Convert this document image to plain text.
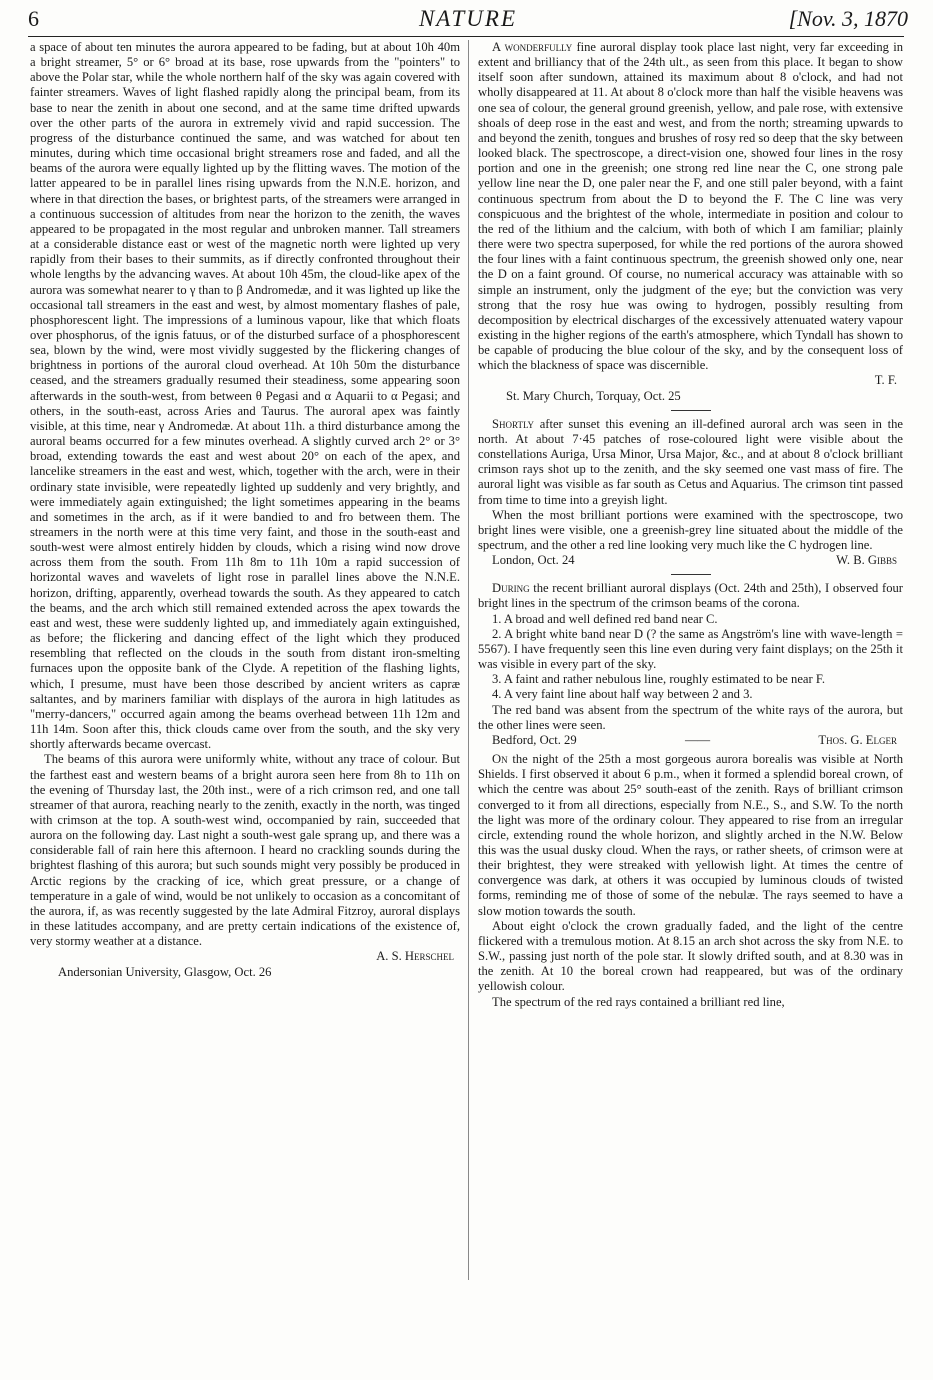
6	NATURE	[Nov. 3, 1870

a space of about ten minutes the aurora appeared to be fading, but at about 10h 40m a bright streamer, 5° or 6° broad at its base, rose upwards from the "pointers" to above the Polar star, while the whole northern half of the sky was again covered with fainter streamers. Waves of light flashed rapidly along the principal beam, from its base to near the zenith in about one second, and at the same time drifted upwards over the other parts of the aurora in extremely vivid and rapid succession. The progress of the disturbance continued the same, and was watched for about ten minutes, during which time occasional bright streamers rose and faded, and all the beams of the aurora were equally lighted up by the flitting waves. The motion of the latter appeared to be in parallel lines rising upwards from the N.N.E. horizon, and where in that direction the bases, or brightest parts, of the streamers were arranged in a continuous succession of altitudes from near the horizon to the zenith, the waves appeared to be propagated in the most regular and unbroken manner. Tall streamers at a considerable distance east or west of the magnetic north were lighted up very rapidly from their bases to their summits, as if directly confronted throughout their whole lengths by the advancing waves. At about 10h 45m, the cloud-like apex of the aurora was somewhat nearer to γ than to β Andromedæ, and it was lighted up like the occasional tall streamers in the east and west, by almost momentary flashes of pale, phosphorescent light. The impressions of a luminous vapour, like that which floats over phosphorus, of the ignis fatuus, or of the disturbed surface of a phosphorescent sea, blown by the wind, were most vividly suggested by the flickering changes of brightness in portions of the auroral cloud overhead. At 10h 50m the disturbance ceased, and the streamers gradually resumed their steadiness, some appearing soon afterwards in the south-west, from between θ Pegasi and α Aquarii to α Pegasi; and others, in the south-east, across Aries and Taurus. The auroral apex was faintly visible, at this time, near γ Andromedæ. At about 11h. a third disturbance among the auroral beams occurred for a few minutes overhead. A slightly curved arch 2° or 3° broad, extending towards the east and west about 20° on each of the apex, and lancelike streamers in the east and west, which, together with the arch, were in their ordinary state invisible, were repeatedly lighted up suddenly and very brightly, and were immediately again extinguished; the light sometimes appearing in the beams and sometimes in the arch, as if it were bandied to and fro between them. The streamers in the north were at this time very faint, and those in the south-east and south-west were almost entirely hidden by clouds, which a rising wind now drove across them from the south. From 11h 8m to 11h 10m a rapid succession of horizontal waves and wavelets of light rose in parallel lines above the N.N.E. horizon, drifting, apparently, overhead towards the south. As they appeared to catch the beams, and the arch which still remained extended across the apex towards the east and west, these were suddenly lighted up, and immediately again extinguished, as before; the flickering and dancing effect of the light which they produced resembling that reflected on the clouds in the south from distant iron-smelting furnaces upon the opposite bank of the Clyde. A repetition of the flashing lights, which, I presume, must have been those described by ancient writers as capræ saltantes, and by mariners familiar with displays of the aurora in high latitudes as "merry-dancers," occurred again among the beams overhead between 11h 12m and 11h 14m. Soon after this, thick clouds came over from the south, and the sky very shortly afterwards became overcast.

The beams of this aurora were uniformly white, without any trace of colour. But the farthest east and western beams of a bright aurora seen here from 8h to 11h on the evening of Thursday last, the 20th inst., were of a rich crimson red, and one tall streamer of that aurora, reaching nearly to the zenith, exactly in the north, was tinged with crimson at the top. A south-west wind, occompanied by rain, succeeded that aurora on the following day. Last night a south-west gale sprang up, and there was a considerable fall of rain here this afternoon. I heard no crackling sounds during the brightest flashing of this aurora; but such sounds might very possibly be produced in Arctic regions by the cracking of ice, which great pressure, or a change of temperature in a gale of wind, would be not unlikely to occasion as a concomitant of the aurora, if, as was recently suggested by the late Admiral Fitzroy, auroral displays in these latitudes accompany, and are pretty certain indications of the existence of, very stormy weather at a distance.

A. S. Herschel

Andersonian University, Glasgow, Oct. 26

A wonderfully fine auroral display took place last night, very far exceeding in extent and brilliancy that of the 24th ult., as seen from this place. It began to show itself soon after sundown, attained its maximum about 8 o'clock, and had not wholly disappeared at 11. At about 8 o'clock more than half the visible heavens was one sea of colour, the general ground greenish, yellow, and pale rose, with extensive shoals of deep rose in the east and west, and from the north; streaming upwards to and beyond the zenith, tongues and brushes of rosy red so deep that the sky between looked black. The spectroscope, a direct-vision one, showed four lines in the rosy portion and one in the greenish; one strong red line near the C, one strong pale yellow line near the D, one paler near the F, and one still paler beyond, with a faint continuous spectrum from about the D to beyond the F. The C line was very conspicuous and the brightest of the whole, intermediate in position and colour to the red of the lithium and the calcium, with both of which I am familiar; plainly there were two spectra superposed, for while the red portions of the aurora showed the four lines with a faint continuous spectrum, the greenish showed only one, near the D on a faint ground. Of course, no numerical accuracy was attainable with so simple an instrument, only the judgment of the eye; but the conviction was very strong that the rosy hue was owing to hydrogen, possibly resulting from decomposition by electrical discharges of the excessively attenuated watery vapour existing in the higher regions of the earth's atmosphere, which Tyndall has shown to be capable of producing the blue colour of the sky, and by the consequent loss of which the blackness of space was discernible.

T. F.

St. Mary Church, Torquay, Oct. 25

Shortly after sunset this evening an ill-defined auroral arch was seen in the north. At about 7·45 patches of rose-coloured light were visible about the constellations Auriga, Ursa Minor, Ursa Major, &c., and at about 8 o'clock brilliant crimson rays shot up to the zenith, and the sky seemed one vast mass of fire. The auroral light was visible as far south as Cetus and Aquarius. The crimson tint passed from time to time into a greyish light.

When the most brilliant portions were examined with the spectroscope, two bright lines were visible, one a greenish-grey line situated about the middle of the spectrum, and the other a red line looking very much like the C hydrogen line.

London, Oct. 24	W. B. Gibbs

During the recent brilliant auroral displays (Oct. 24th and 25th), I observed four bright lines in the spectrum of the crimson beams of the corona.

1. A broad and well defined red band near C.
2. A bright white band near D (? the same as Angström's line with wave-length = 5567). I have frequently seen this line even during very faint displays; on the 25th it was visible in every part of the sky.
3. A faint and rather nebulous line, roughly estimated to be near F.
4. A very faint line about half way between 2 and 3.

The red band was absent from the spectrum of the white rays of the aurora, but the other lines were seen.

Bedford, Oct. 29	——	Thos. G. Elger

On the night of the 25th a most gorgeous aurora borealis was visible at North Shields. I first observed it about 6 p.m., when it formed a splendid boreal crown, of which the centre was about 25° south-east of the zenith. Rays of brilliant crimson converged to it from all directions, especially from N.E., S., and S.W. To the north the light was more of the ordinary colour. They appeared to rise from an irregular circle, extending round the whole horizon, and slightly arched in the N.W. Below this was the usual dusky cloud. When the rays, or rather sheets, of crimson were at their brightest, they were streaked with yellowish light. At times the centre of convergence was dark, at others it was occupied by luminous clouds of twisted forms, reminding me of those of some of the nebulæ. The rays seemed to have a slow motion towards the south.

About eight o'clock the crown gradually faded, and the light of the centre flickered with a tremulous motion. At 8.15 an arch shot across the sky from N.E. to S.W., passing just north of the pole star. It slowly drifted south, and at 8.30 was in the zenith. At 10 the boreal crown had reappeared, but was of the ordinary yellowish colour.

The spectrum of the red rays contained a brilliant red line,
